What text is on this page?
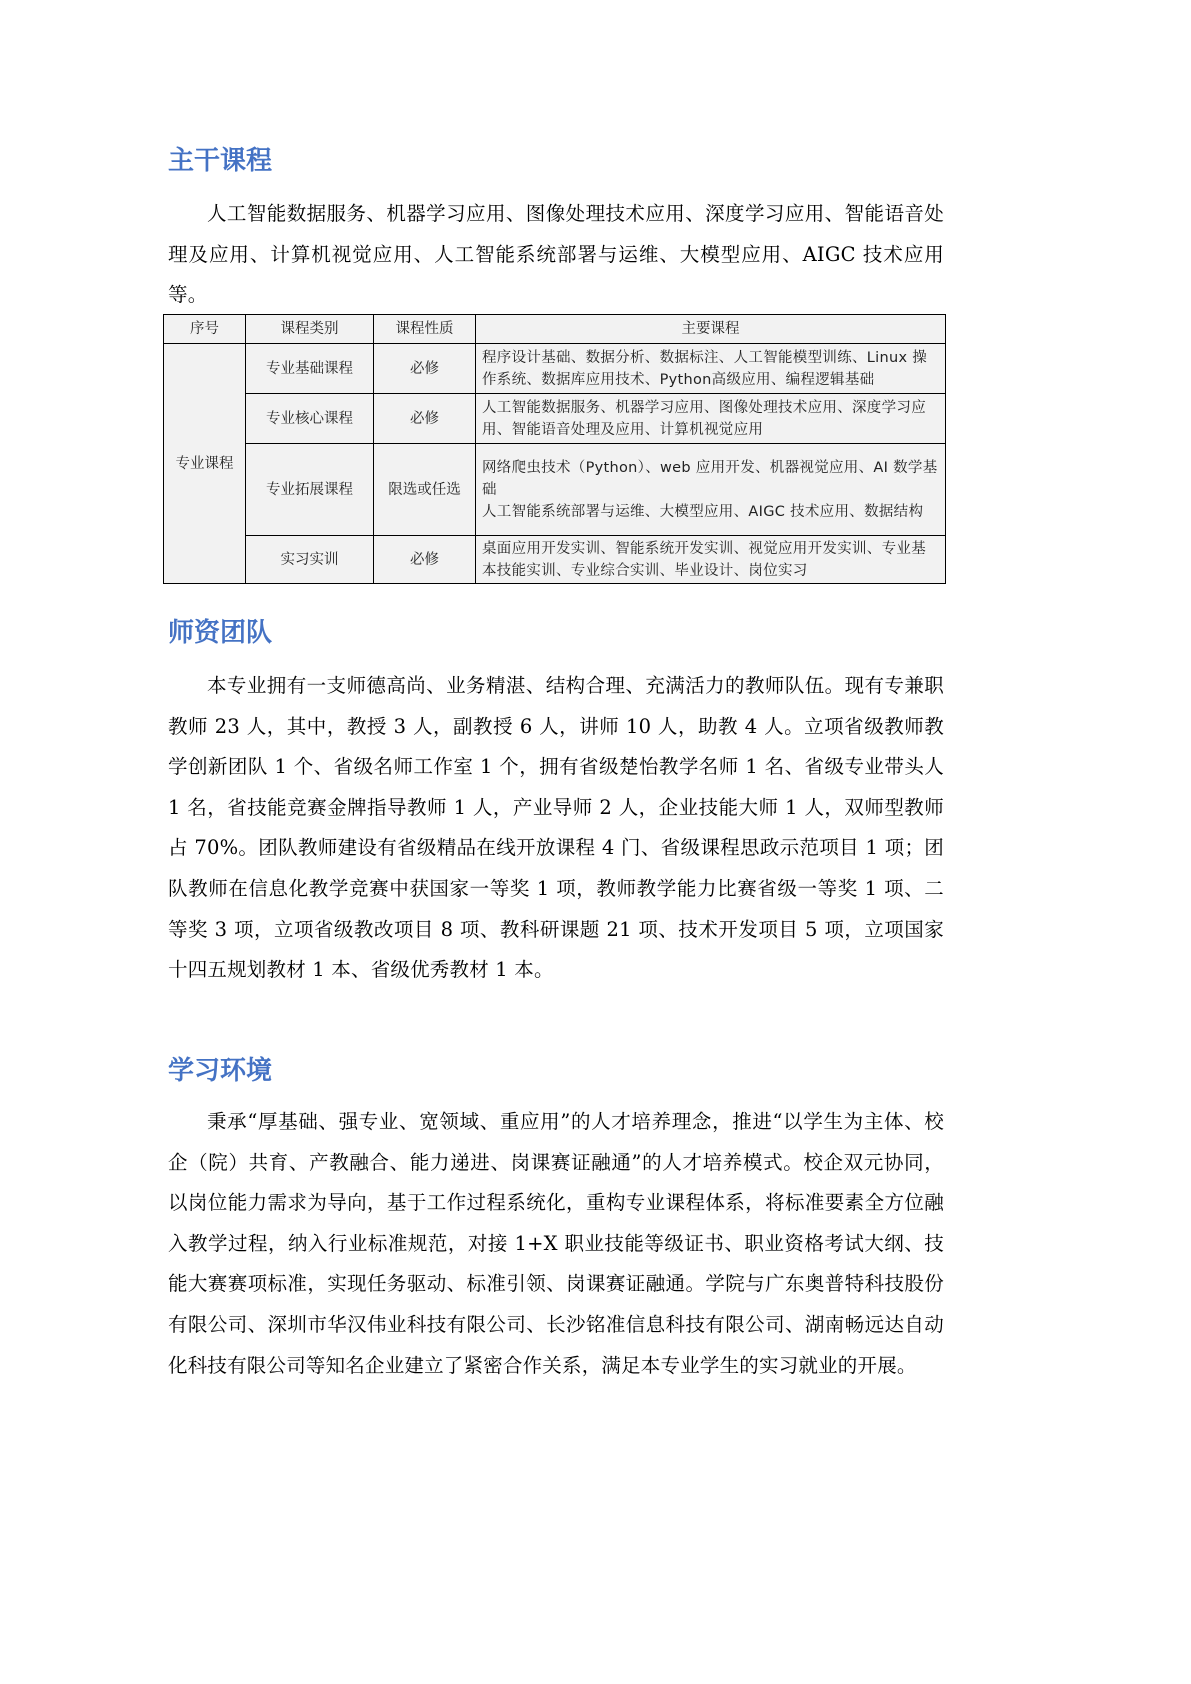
主干课程

人工智能数据服务、机器学习应用、图像处理技术应用、深度学习应用、智能语音处理及应用、计算机视觉应用、人工智能系统部署与运维、大模型应用、AIGC 技术应用等。

序号	课程类别	课程性质	主要课程
专业课程	专业基础课程	必修	程序设计基础、数据分析、数据标注、人工智能模型训练、Linux 操作系统、数据库应用技术、Python高级应用、编程逻辑基础

	专业核心课程	必修	人工智能数据服务、机器学习应用、图像处理技术应用、深度学习应用、智能语音处理及应用、计算机视觉应用

	专业拓展课程	限选或任选	网络爬虫技术（Python）、web 应用开发、机器视觉应用、AI 数学基础
人工智能系统部署与运维、大模型应用、AIGC 技术应用、数据结构

	实习实训	必修	桌面应用开发实训、智能系统开发实训、视觉应用开发实训、专业基本技能实训、专业综合实训、毕业设计、岗位实习
师资团队

本专业拥有一支师德高尚、业务精湛、结构合理、充满活力的教师队伍。现有专兼职教师 23 人，其中，教授 3 人，副教授 6 人，讲师 10 人，助教 4 人。立项省级教师教学创新团队 1 个、省级名师工作室 1 个，拥有省级楚怡教学名师 1 名、省级专业带头人 1 名，省技能竞赛金牌指导教师 1 人，产业导师 2 人，企业技能大师 1 人，双师型教师占 70%。团队教师建设有省级精品在线开放课程 4 门、省级课程思政示范项目 1 项；团队教师在信息化教学竞赛中获国家一等奖 1 项，教师教学能力比赛省级一等奖 1 项、二等奖 3 项，立项省级教改项目 8 项、教科研课题 21 项、技术开发项目 5 项，立项国家十四五规划教材 1 本、省级优秀教材 1 本。

学习环境

秉承“厚基础、强专业、宽领域、重应用”的人才培养理念，推进“以学生为主体、校企（院）共育、产教融合、能力递进、岗课赛证融通”的人才培养模式。校企双元协同，以岗位能力需求为导向，基于工作过程系统化，重构专业课程体系，将标准要素全方位融入教学过程，纳入行业标准规范，对接 1+X 职业技能等级证书、职业资格考试大纲、技能大赛赛项标准，实现任务驱动、标准引领、岗课赛证融通。学院与广东奥普特科技股份有限公司、深圳市华汉伟业科技有限公司、长沙铭准信息科技有限公司、湖南畅远达自动化科技有限公司等知名企业建立了紧密合作关系，满足本专业学生的实习就业的开展。
